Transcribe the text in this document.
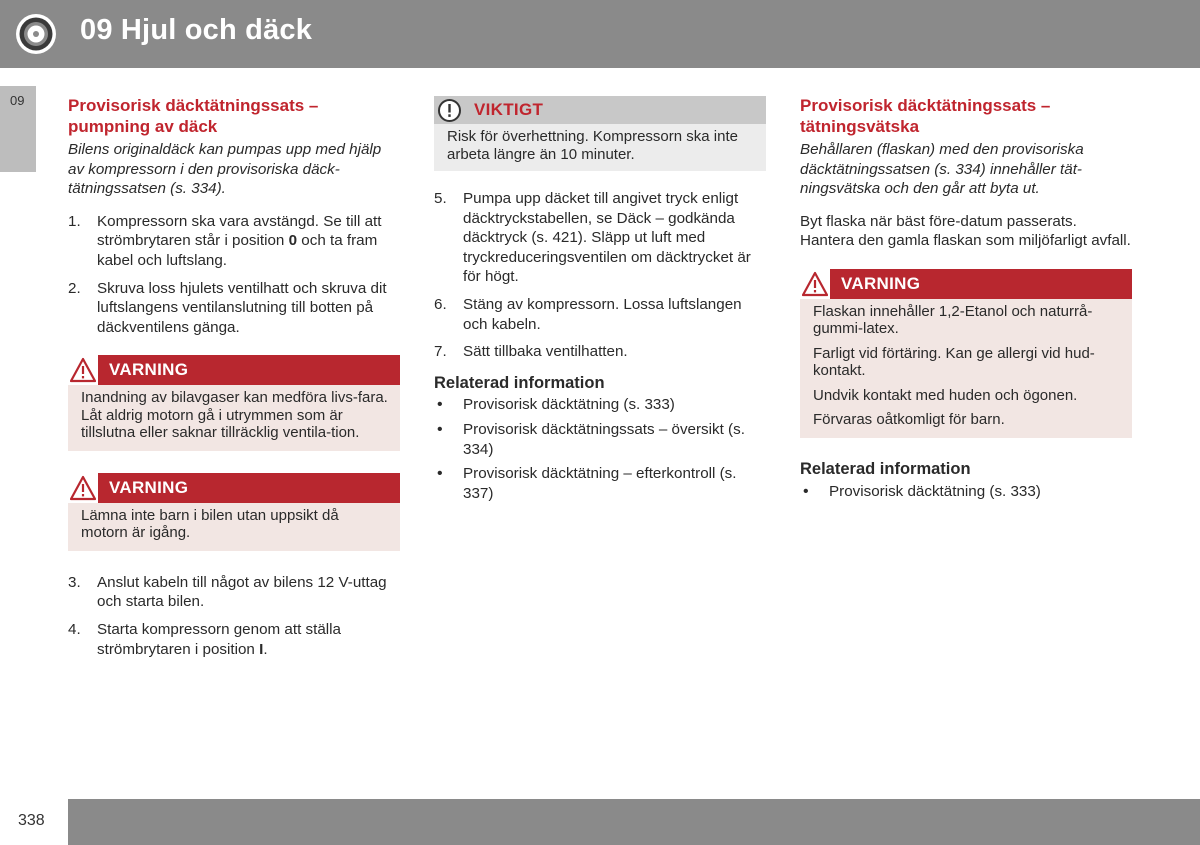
09 Hjul och däck
09	Provisorisk däcktätningssats – pumpning av däck

Bilens originaldäck kan pumpas upp med hjälp av kompressorn i den provisoriska däck-tätningssatsen (s. 334).

1. Kompressorn ska vara avstängd. Se till att strömbrytaren står i position 0 och ta fram kabel och luftslang.
2. Skruva loss hjulets ventilhatt och skruva dit luftslangens ventilanslutning till botten på däckventilens gänga.
VARNING

Inandning av bilavgaser kan medföra livs-fara. Låt aldrig motorn gå i utrymmen som är tillslutna eller saknar tillräcklig ventila-tion.

VARNING

Lämna inte barn i bilen utan uppsikt då motorn är igång.

3. Anslut kabeln till något av bilens 12 V-uttag och starta bilen.
4. Starta kompressorn genom att ställa strömbrytaren i position I.
VIKTIGT

Risk för överhettning. Kompressorn ska inte arbeta längre än 10 minuter.

5. Pumpa upp däcket till angivet tryck enligt däcktryckstabellen, se Däck – godkända däcktryck (s. 421). Släpp ut luft med tryckreduceringsventilen om däcktrycket är för högt.
6. Stäng av kompressorn. Lossa luftslangen och kabeln.
7. Sätt tillbaka ventilhatten.
Relaterad information
• Provisorisk däcktätning (s. 333)
• Provisorisk däcktätningssats – översikt (s. 334)
• Provisorisk däcktätning – efterkontroll (s. 337)
Provisorisk däcktätningssats – tätningsvätska

Behållaren (flaskan) med den provisoriska däcktätningssatsen (s. 334) innehåller tät-ningsvätska och den går att byta ut.

Byt flaska när bäst före-datum passerats. Hantera den gamla flaskan som miljöfarligt avfall.

VARNING

Flaskan innehåller 1,2-Etanol och naturrå-gummi-latex.

Farligt vid förtäring. Kan ge allergi vid hud-kontakt.

Undvik kontakt med huden och ögonen.

Förvaras oåtkomligt för barn.

Relaterad information
• Provisorisk däcktätning (s. 333)
338
